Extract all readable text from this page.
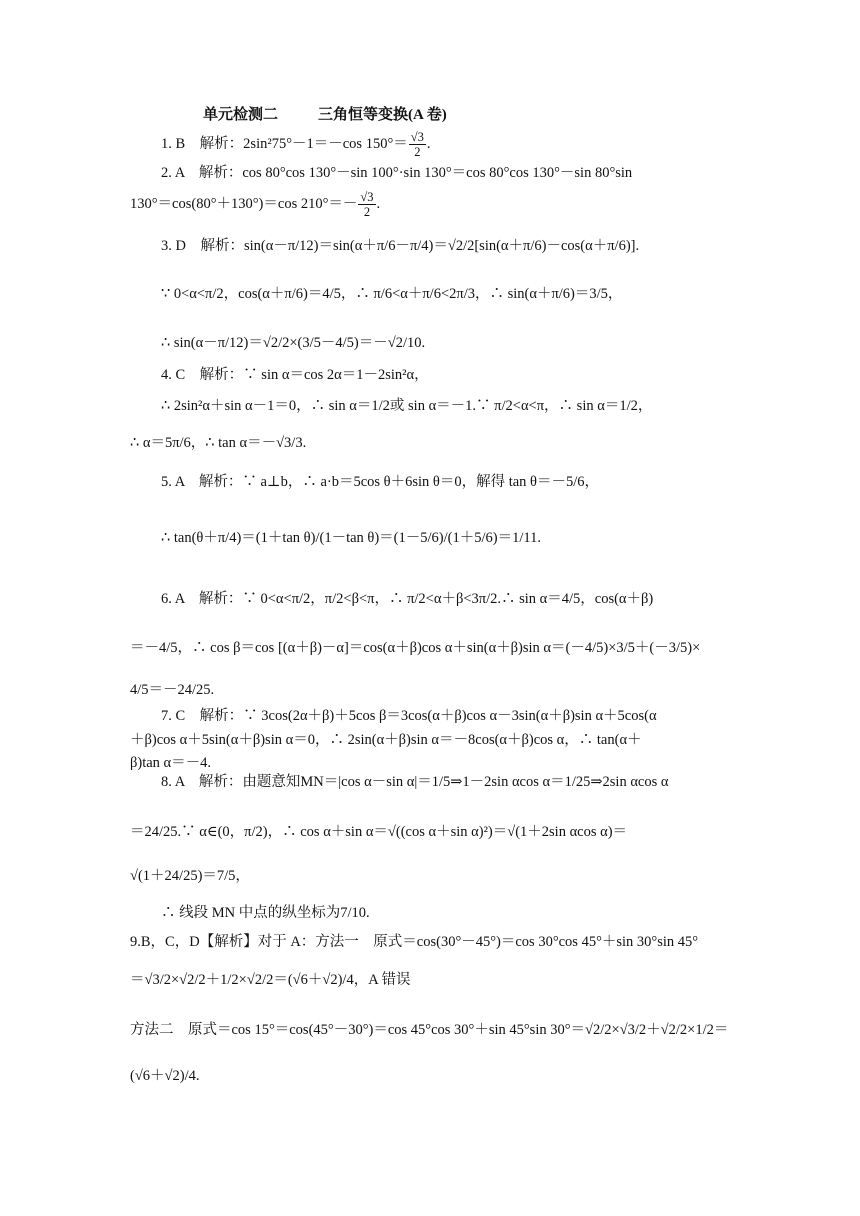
单元检测二	三角恒等变换(A 卷)
1. B　解析：2sin²75°－1＝－cos $150^\circ= \frac{√3}{2}$ .
2. A　解析：cos 80°cos 130°－sin 100°·sin 130°＝cos 80°cos 130°－sin 80°sin
130°＝cos(80°＋130°)＝cos $210^\circ=- \frac{√3}{2}$ .
3. D　解析：sin(α－π/12)＝sin(α＋π/6－π/4)＝√2/2[sin(α＋π/6)－cos(α＋π/6)].
∵ 0<α<π/2，cos(α＋π/6)＝4/5，∴ π/6<α＋π/6<2π/3，∴ sin(α＋π/6)＝3/5，
∴ sin(α－π/12)＝√2/2×(3/5－4/5)＝－√2/10.
4. C　解析：∵ sin α＝cos 2α＝1－2sin²α，
∴ 2sin²α＋sin α－1＝0，∴ sin α＝1/2或 sin α＝－1.∵ π/2<α<π，∴ sin α＝1/2，
∴ α＝5π/6，∴ tan α＝－√3/3.
5. A　解析：∵ a⊥b，∴ a·b＝5cos θ＋6sin θ＝0，解得 tan θ＝－5/6，
∴ tan(θ＋π/4)＝(1＋tan θ)/(1－tan θ)＝(1－5/6)/(1＋5/6)＝1/11.
6. A　解析：∵ 0<α<π/2，π/2<β<π，∴ π/2<α＋β<3π/2.∴ sin α＝4/5，cos(α＋β)
＝－4/5，∴ cos β＝cos [(α＋β)－α]＝cos(α＋β)cos α＋sin(α＋β)sin α＝(－4/5)×3/5＋(－3/5)×
4/5＝－24/25.
7. C　解析：∵ 3cos(2α＋β)＋5cos β＝3cos(α＋β)cos α－3sin(α＋β)sin α＋5cos(α
＋β)cos α＋5sin(α＋β)sin α＝0，∴ 2sin(α＋β)sin α＝－8cos(α＋β)cos α，∴ tan(α＋
β)tan α＝－4.
8. A　解析：由题意知MN＝|cos α－sin α|＝1/5⇒1－2sin αcos α＝1/25⇒2sin αcos α
＝24/25.∵ α∈(0，π/2)，∴ cos α＋sin α＝√((cos α＋sin α)²)＝√(1＋2sin αcos α)＝
√(1＋24/25)＝7/5，
∴ 线段 MN 中点的纵坐标为7/10.
9.B，C，D【解析】对于 A：方法一　原式＝cos(30°－45°)＝cos 30°cos 45°＋sin 30°sin 45°
＝√3/2×√2/2＋1/2×√2/2＝(√6＋√2)/4，A 错误
方法二　原式＝cos 15°＝cos(45°－30°)＝cos 45°cos 30°＋sin 45°sin 30°＝√2/2×√3/2＋√2/2×1/2＝
(√6＋√2)/4.
